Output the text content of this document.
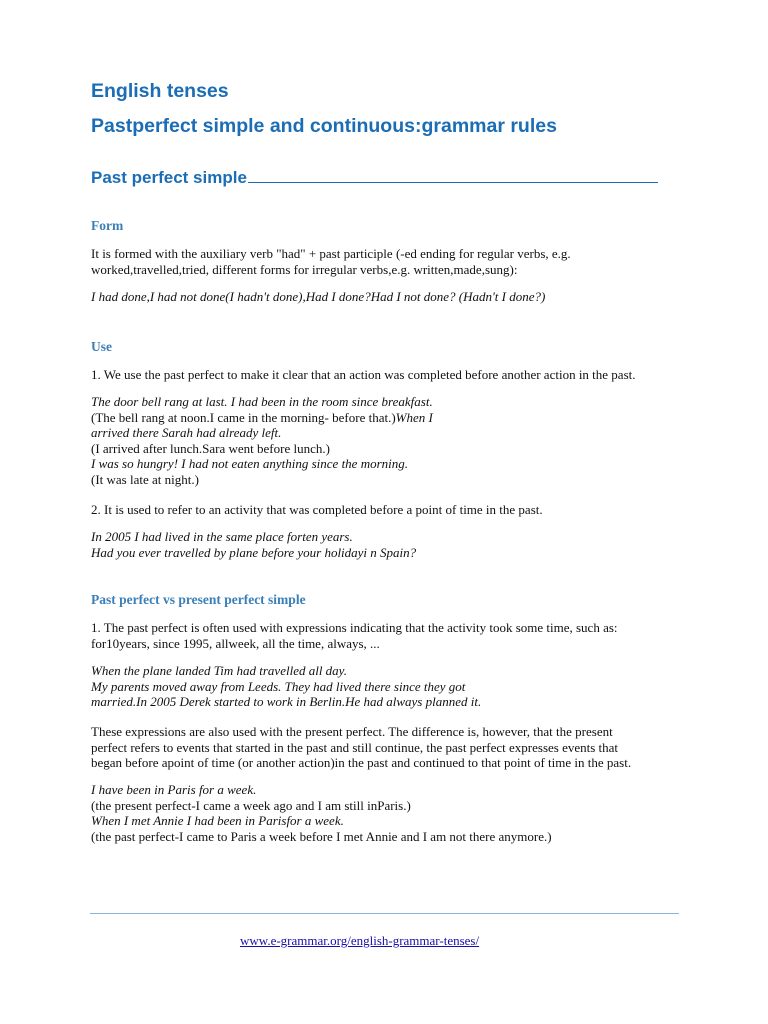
English tenses
Pastperfect simple and continuous:grammar rules
Past perfect simple
Form
It is formed with the auxiliary verb "had" + past participle (-ed ending for regular verbs, e.g.
worked,travelled,tried, different forms for irregular verbs,e.g. written,made,sung):
I had done,I had not done(I hadn't done),Had I done?Had I not done? (Hadn't I done?)
Use
1. We use the past perfect to make it clear that an action was completed before another action in the past.
The door bell rang at last. I had been in the room since breakfast.
(The bell rang at noon.I came in the morning- before that.)When I
arrived there Sarah had already left.
(I arrived after lunch.Sara went before lunch.)
I was so hungry! I had not eaten anything since the morning.
(It was late at night.)
2. It is used to refer to an activity that was completed before a point of time in the past.
In 2005 I had lived in the same place forten years.
Had you ever travelled by plane before your holidayi n Spain?
Past perfect vs present perfect simple
1. The past perfect is often used with expressions indicating that the activity took some time, such as:
for10years, since 1995, allweek, all the time, always, ...
When the plane landed Tim had travelled all day.
My parents moved away from Leeds. They had lived there since they got
married.In 2005 Derek started to work in Berlin.He had always planned it.
These expressions are also used with the present perfect. The difference is, however, that the present
perfect refers to events that started in the past and still continue, the past perfect expresses events that
began before apoint of time (or another action)in the past and continued to that point of time in the past.
I have been in Paris for a week.
(the present perfect-I came a week ago and I am still inParis.)
When I met Annie I had been in Parisfor a week.
(the past perfect-I came to Paris a week before I met Annie and I am not there anymore.)
www.e-grammar.org/english-grammar-tenses/
